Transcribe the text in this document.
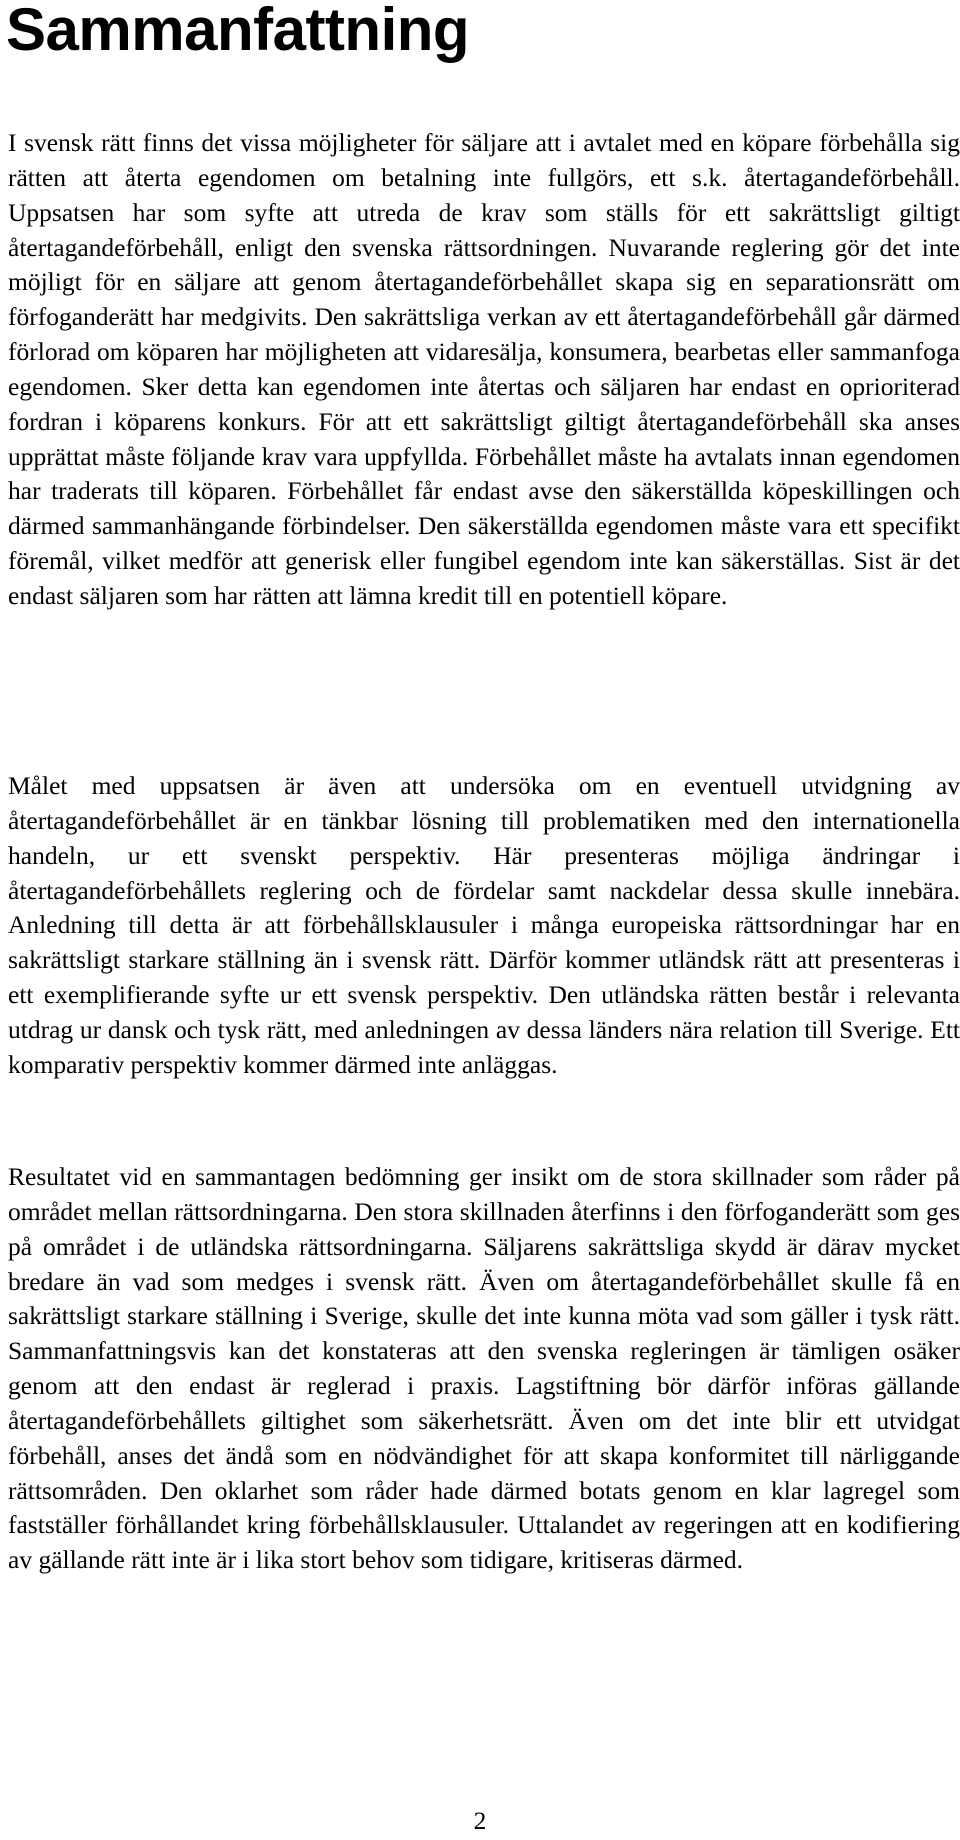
Sammanfattning

I svensk rätt finns det vissa möjligheter för säljare att i avtalet med en köpare förbehålla sig rätten att återta egendomen om betalning inte fullgörs, ett s.k. återtagandeförbehåll. Uppsatsen har som syfte att utreda de krav som ställs för ett sakrättsligt giltigt återtagandeförbehåll, enligt den svenska rättsordningen. Nuvarande reglering gör det inte möjligt för en säljare att genom återtagandeförbehållet skapa sig en separationsrätt om förfoganderätt har medgivits. Den sakrättsliga verkan av ett återtagandeförbehåll går därmed förlorad om köparen har möjligheten att vidaresälja, konsumera, bearbetas eller sammanfoga egendomen. Sker detta kan egendomen inte återtas och säljaren har endast en oprioriterad fordran i köparens konkurs. För att ett sakrättsligt giltigt återtagandeförbehåll ska anses upprättat måste följande krav vara uppfyllda. Förbehållet måste ha avtalats innan egendomen har traderats till köparen. Förbehållet får endast avse den säkerställda köpeskillingen och därmed sammanhängande förbindelser. Den säkerställda egendomen måste vara ett specifikt föremål, vilket medför att generisk eller fungibel egendom inte kan säkerställas. Sist är det endast säljaren som har rätten att lämna kredit till en potentiell köpare.

Målet med uppsatsen är även att undersöka om en eventuell utvidgning av återtagandeförbehållet är en tänkbar lösning till problematiken med den internationella handeln, ur ett svenskt perspektiv. Här presenteras möjliga ändringar i återtagandeförbehållets reglering och de fördelar samt nackdelar dessa skulle innebära. Anledning till detta är att förbehållsklausuler i många europeiska rättsordningar har en sakrättsligt starkare ställning än i svensk rätt. Därför kommer utländsk rätt att presenteras i ett exemplifierande syfte ur ett svensk perspektiv. Den utländska rätten består i relevanta utdrag ur dansk och tysk rätt, med anledningen av dessa länders nära relation till Sverige. Ett komparativ perspektiv kommer därmed inte anläggas.

Resultatet vid en sammantagen bedömning ger insikt om de stora skillnader som råder på området mellan rättsordningarna. Den stora skillnaden återfinns i den förfoganderätt som ges på området i de utländska rättsordningarna. Säljarens sakrättsliga skydd är därav mycket bredare än vad som medges i svensk rätt. Även om återtagandeförbehållet skulle få en sakrättsligt starkare ställning i Sverige, skulle det inte kunna möta vad som gäller i tysk rätt. Sammanfattningsvis kan det konstateras att den svenska regleringen är tämligen osäker genom att den endast är reglerad i praxis. Lagstiftning bör därför införas gällande återtagandeförbehållets giltighet som säkerhetsrätt. Även om det inte blir ett utvidgat förbehåll, anses det ändå som en nödvändighet för att skapa konformitet till närliggande rättsområden. Den oklarhet som råder hade därmed botats genom en klar lagregel som fastställer förhållandet kring förbehållsklausuler. Uttalandet av regeringen att en kodifiering av gällande rätt inte är i lika stort behov som tidigare, kritiseras därmed.

2
